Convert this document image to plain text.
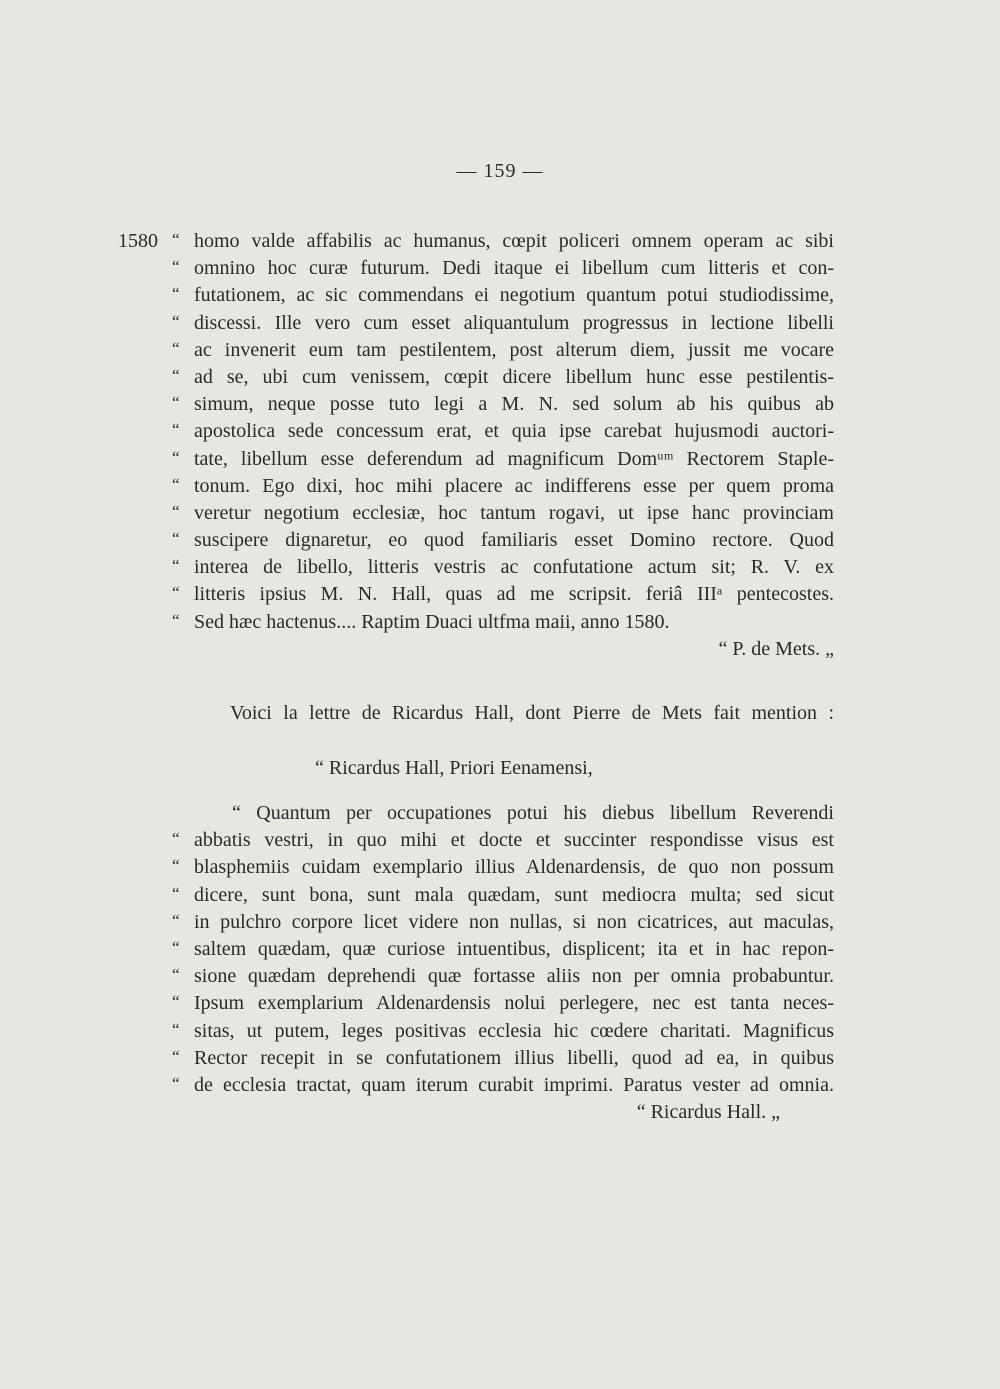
— 159 —
1580 “ homo valde affabilis ac humanus, cœpit policeri omnem operam ac sibi
“ omnino hoc curæ futurum. Dedi itaque ei libellum cum litteris et con-
“ futationem, ac sic commendans ei negotium quantum potui studiodissime,
“ discessi. Ille vero cum esset aliquantulum progressus in lectione libelli
“ ac invenerit eum tam pestilentem, post alterum diem, jussit me vocare
“ ad se, ubi cum venissem, cœpit dicere libellum hunc esse pestilentis-
“ simum, neque posse tuto legi a M. N. sed solum ab his quibus ab
“ apostolica sede concessum erat, et quia ipse carebat hujusmodi auctori-
“ tate, libellum esse deferendum ad magnificum Domᵘᵐ Rectorem Staple-
“ tonum. Ego dixi, hoc mihi placere ac indifferens esse per quem proma
“ veretur negotium ecclesiæ, hoc tantum rogavi, ut ipse hanc provinciam
“ suscipere dignaretur, eo quod familiaris esset Domino rectore. Quod
“ interea de libello, litteris vestris ac confutatione actum sit; R. V. ex
“ litteris ipsius M. N. Hall, quas ad me scripsit. feriâ IIIᵃ pentecostes.
“ Sed hæc hactenus.... Raptim Duaci ultfma maii, anno 1580.
“ P. de Mets. „
Voici la lettre de Ricardus Hall, dont Pierre de Mets fait mention :
“ Ricardus Hall, Priori Eenamensi,
“ Quantum per occupationes potui his diebus libellum Reverendi
“ abbatis vestri, in quo mihi et docte et succinter respondisse visus est
“ blasphemiis cuidam exemplario illius Aldenardensis, de quo non possum
“ dicere, sunt bona, sunt mala quædam, sunt mediocra multa; sed sicut
“ in pulchro corpore licet videre non nullas, si non cicatrices, aut maculas,
“ saltem quædam, quæ curiose intuentibus, displicent; ita et in hac repon-
“ sione quædam deprehendi quæ fortasse aliis non per omnia probabuntur.
“ Ipsum exemplarium Aldenardensis nolui perlegere, nec est tanta neces-
“ sitas, ut putem, leges positivas ecclesia hic cœdere charitati. Magnificus
“ Rector recepit in se confutationem illius libelli, quod ad ea, in quibus
“ de ecclesia tractat, quam iterum curabit imprimi. Paratus vester ad omnia.
“ Ricardus Hall. „
